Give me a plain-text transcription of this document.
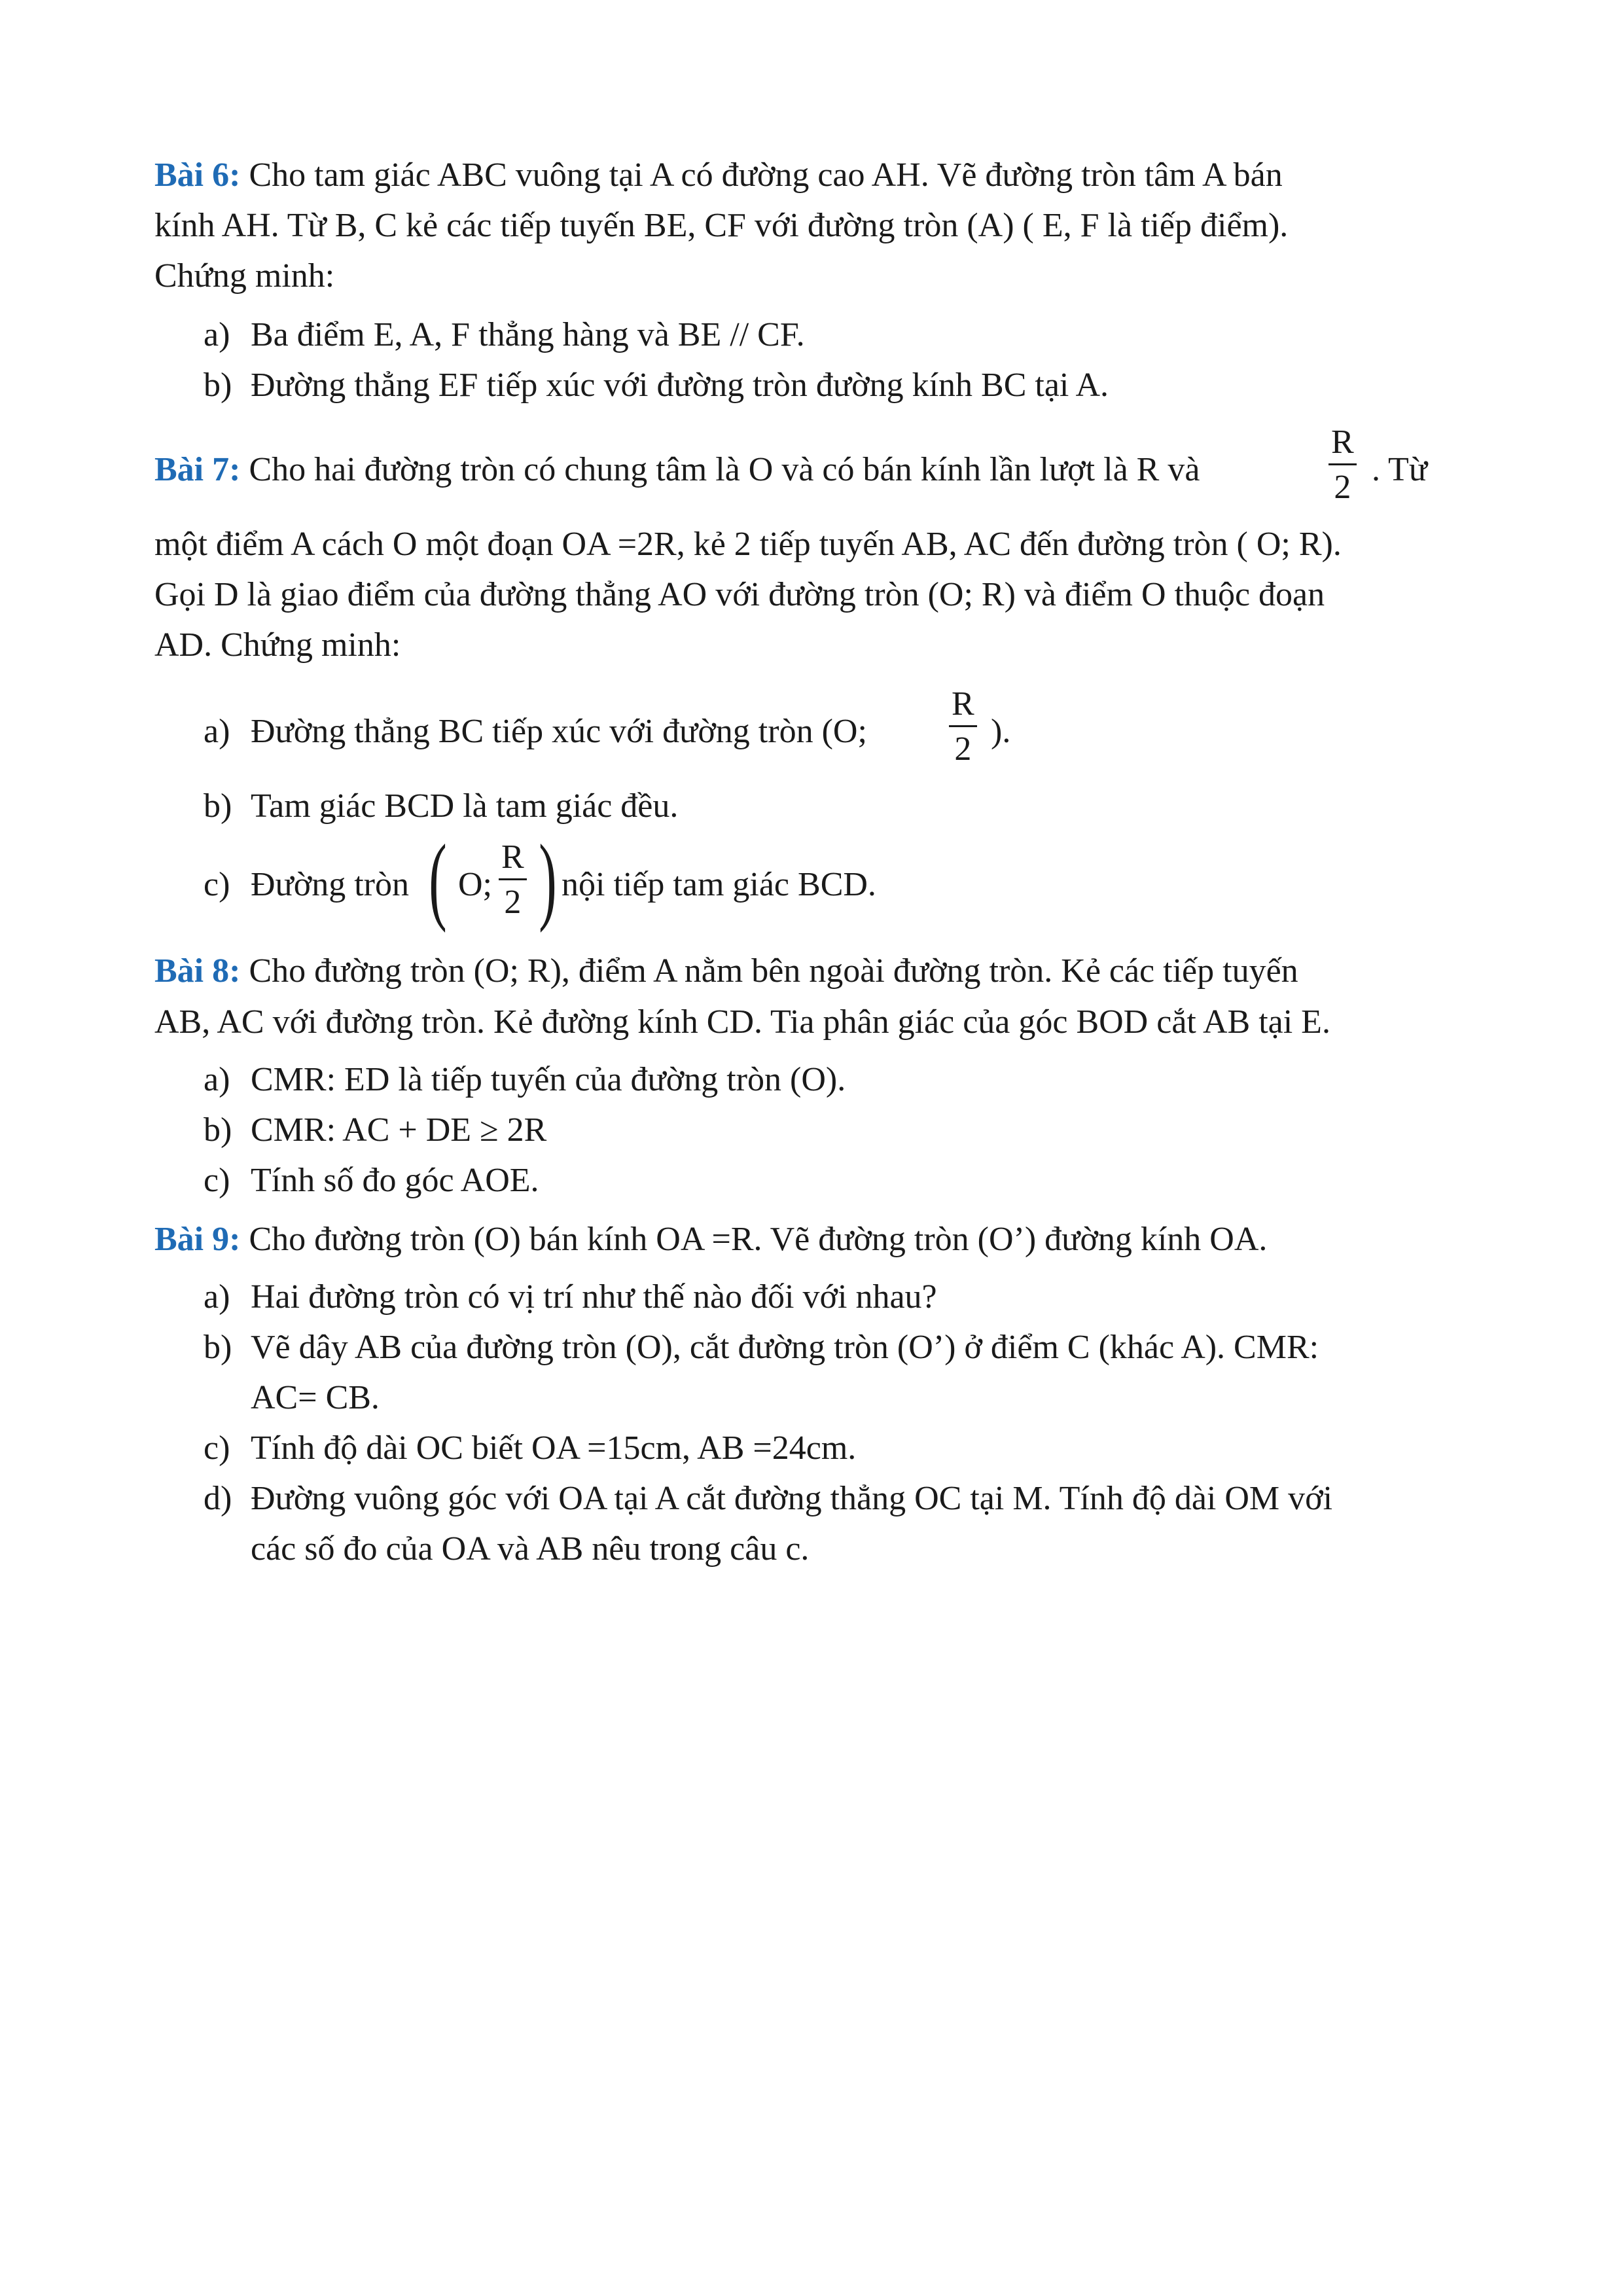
Bài 6: Cho tam giác ABC vuông tại A có đường cao AH. Vẽ đường tròn tâm A bán
kính AH. Từ B, C kẻ các tiếp tuyến BE, CF với đường tròn (A) ( E, F là tiếp điểm).
Chứng minh:
a) Ba điểm E, A, F thẳng hàng và BE // CF.
b) Đường thẳng EF tiếp xúc với đường tròn đường kính BC tại A.
Bài 7: Cho hai đường tròn có chung tâm là O và có bán kính lần lượt là R và	$\frac{R}{2}$ . Từ
một điểm A cách O một đoạn OA =2R, kẻ 2 tiếp tuyến AB, AC đến đường tròn ( O; R).
Gọi D là giao điểm của đường thẳng AO với đường tròn (O; R) và điểm O thuộc đoạn
AD. Chứng minh:
a) Đường thẳng BC tiếp xúc với đường tròn (O; $\frac{R}{2}$ ).
b) Tam giác BCD là tam giác đều.
c) Đường tròn ( O; $\frac{R}{2}$ ) nội tiếp tam giác BCD.
Bài 8: Cho đường tròn (O; R), điểm A nằm bên ngoài đường tròn. Kẻ các tiếp tuyến
AB, AC với đường tròn. Kẻ đường kính CD. Tia phân giác của góc BOD cắt AB tại E.
a) CMR: ED là tiếp tuyến của đường tròn (O).
b) CMR: AC + DE ≥ 2R
c) Tính số đo góc AOE.
Bài 9: Cho đường tròn (O) bán kính OA =R. Vẽ đường tròn (O’) đường kính OA.
a) Hai đường tròn có vị trí như thế nào đối với nhau?
b) Vẽ dây AB của đường tròn (O), cắt đường tròn (O’) ở điểm C (khác A). CMR:
AC= CB.
c) Tính độ dài OC biết OA =15cm, AB =24cm.
d) Đường vuông góc với OA tại A cắt đường thẳng OC tại M. Tính độ dài OM với
các số đo của OA và AB nêu trong câu c.
